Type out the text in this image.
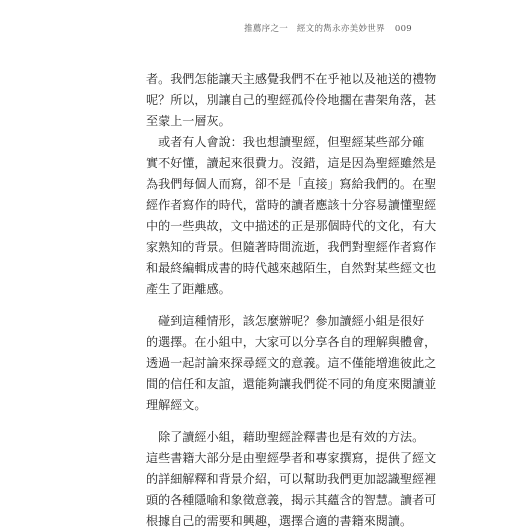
推薦序之一　經文的雋永亦美妙世界 009
者。我們怎能讓天主感覺我們不在乎祂以及祂送的禮物
呢？所以，別讓自己的聖經孤伶伶地擱在書架角落，甚
至蒙上一層灰。
　或者有人會說：我也想讀聖經，但聖經某些部分確
實不好懂，讀起來很費力。沒錯，這是因為聖經雖然是
為我們每個人而寫，卻不是「直接」寫給我們的。在聖
經作者寫作的時代，當時的讀者應該十分容易讀懂聖經
中的一些典故，文中描述的正是那個時代的文化，有大
家熟知的背景。但隨著時間流逝，我們對聖經作者寫作
和最終編輯成書的時代越來越陌生，自然對某些經文也
產生了距離感。
　碰到這種情形，該怎麼辦呢？參加讀經小組是很好
的選擇。在小組中，大家可以分享各自的理解與體會，
透過一起討論來探尋經文的意義。這不僅能增進彼此之
間的信任和友誼，還能夠讓我們從不同的角度來閱讀並
理解經文。
　除了讀經小組，藉助聖經詮釋書也是有效的方法。
這些書籍大部分是由聖經學者和專家撰寫，提供了經文
的詳細解釋和背景介紹，可以幫助我們更加認識聖經裡
頭的各種隱喻和象徵意義，揭示其蘊含的智慧。讀者可
根據自己的需要和興趣，選擇合適的書籍來閱讀。
